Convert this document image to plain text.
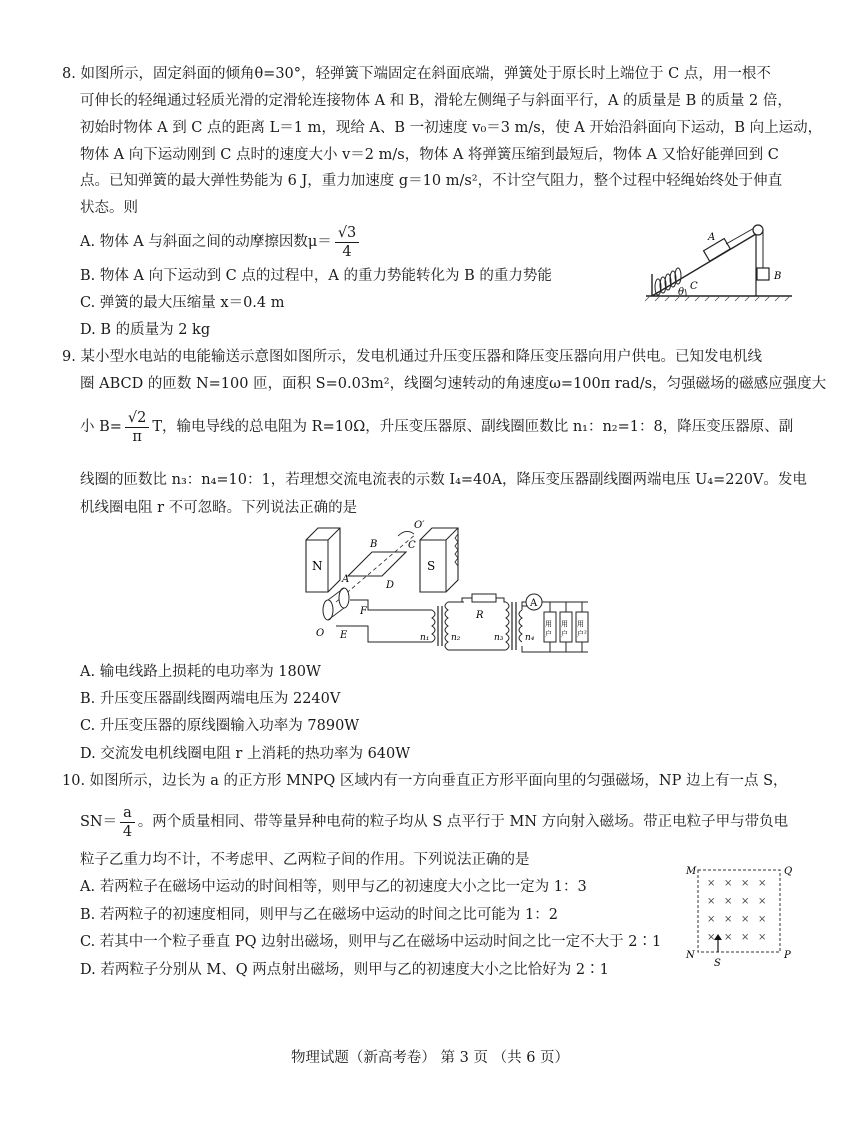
8. 如图所示，固定斜面的倾角θ=30°，轻弹簧下端固定在斜面底端，弹簧处于原长时上端位于 C 点，用一根不
可伸长的轻绳通过轻质光滑的定滑轮连接物体 A 和 B，滑轮左侧绳子与斜面平行，A 的质量是 B 的质量 2 倍，
初始时物体 A 到 C 点的距离 L＝1 m，现给 A、B 一初速度 v₀＝3 m/s，使 A 开始沿斜面向下运动，B 向上运动，
物体 A 向下运动刚到 C 点时的速度大小 v＝2 m/s，物体 A 将弹簧压缩到最短后，物体 A 又恰好能弹回到 C
点。已知弹簧的最大弹性势能为 6 J，重力加速度 g＝10 m/s²，不计空气阻力，整个过程中轻绳始终处于伸直
状态。则
A. 物体 A 与斜面之间的动摩擦因数$\mu= \frac{√3}{4}$
B. 物体 A 向下运动到 C 点的过程中，A 的重力势能转化为 B 的重力势能
C. 弹簧的最大压缩量 x＝0.4 m
D. B 的质量为 2 kg
θ
C
A
B
9. 某小型水电站的电能输送示意图如图所示，发电机通过升压变压器和降压变压器向用户供电。已知发电机线
圈 ABCD 的匝数 N=100 匝，面积 S=0.03m²，线圈匀速转动的角速度ω=100π rad/s，匀强磁场的磁感应强度大
小 $B= \frac{√2}{\pi}$ T，输电导线的总电阻为 R=10Ω，升压变压器原、副线圈匝数比 n₁：n₂=1：8，降压变压器原、副
线圈的匝数比 n₃：n₄=10：1，若理想交流电流表的示数 I₄=40A，降压变压器副线圈两端电压 U₄=220V。发电
机线圈电阻 r 不可忽略。下列说法正确的是
N	S
B	C
A
D
O′
O E
F
n₁ n₂
R
n₃ n₄
A
用
户
用
户
用
户²
A. 输电线路上损耗的电功率为 180W
B. 升压变压器副线圈两端电压为 2240V
C. 升压变压器的原线圈输入功率为 7890W
D. 交流发电机线圈电阻 r 上消耗的热功率为 640W
10. 如图所示，边长为 a 的正方形 MNPQ 区域内有一方向垂直正方形平面向里的匀强磁场，NP 边上有一点 S，
$SN= \frac{a}{4}$ 。两个质量相同、带等量异种电荷的粒子均从 S 点平行于 MN 方向射入磁场。带正电粒子甲与带负电
粒子乙重力均不计，不考虑甲、乙两粒子间的作用。下列说法正确的是
A. 若两粒子在磁场中运动的时间相等，则甲与乙的初速度大小之比一定为 1：3
B. 若两粒子的初速度相同，则甲与乙在磁场中运动的时间之比可能为 1：2
C. 若其中一个粒子垂直 PQ 边射出磁场，则甲与乙在磁场中运动时间之比一定不大于 2∶1
D. 若两粒子分别从 M、Q 两点射出磁场，则甲与乙的初速度大小之比恰好为 2∶1
M	Q
N	P
× × × ×
× × × ×
× × × ×
× × × ×
S
物理试题（新高考卷） 第 3 页 （共 6 页）
